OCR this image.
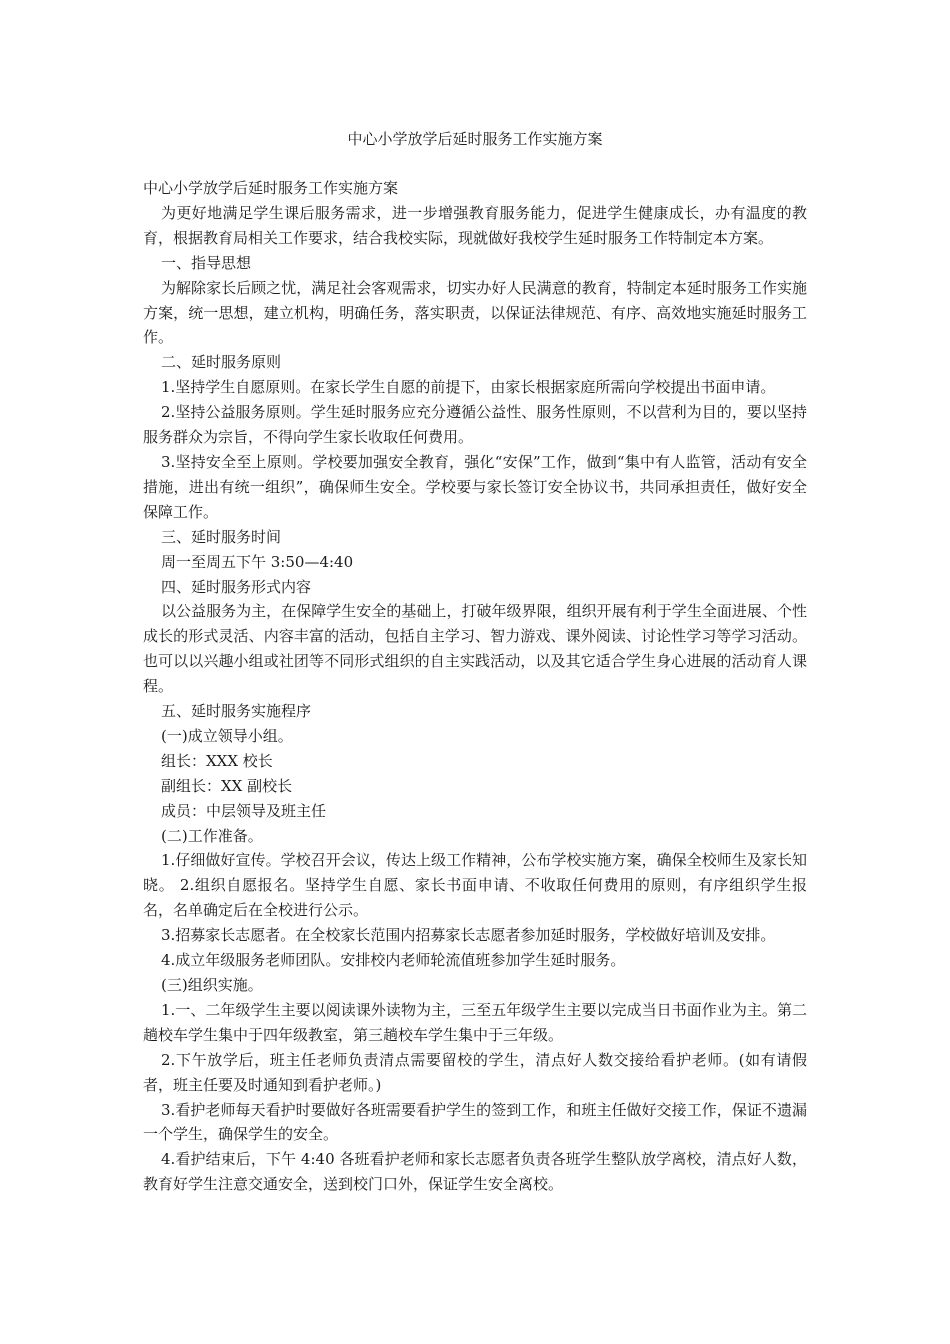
中心小学放学后延时服务工作实施方案

中心小学放学后延时服务工作实施方案

为更好地满足学生课后服务需求，进一步增强教育服务能力，促进学生健康成长，办有温度的教育，根据教育局相关工作要求，结合我校实际，现就做好我校学生延时服务工作特制定本方案。

一、指导思想

为解除家长后顾之忧，满足社会客观需求，切实办好人民满意的教育，特制定本延时服务工作实施方案，统一思想，建立机构，明确任务，落实职责，以保证法律规范、有序、高效地实施延时服务工作。

二、延时服务原则

1.坚持学生自愿原则。在家长学生自愿的前提下，由家长根据家庭所需向学校提出书面申请。

2.坚持公益服务原则。学生延时服务应充分遵循公益性、服务性原则，不以营利为目的，要以坚持服务群众为宗旨，不得向学生家长收取任何费用。

3.坚持安全至上原则。学校要加强安全教育，强化“安保”工作，做到“集中有人监管，活动有安全措施，进出有统一组织”，确保师生安全。学校要与家长签订安全协议书，共同承担责任，做好安全保障工作。

三、延时服务时间

周一至周五下午 3:50—4:40

四、延时服务形式内容

以公益服务为主，在保障学生安全的基础上，打破年级界限，组织开展有利于学生全面进展、个性成长的形式灵活、内容丰富的活动，包括自主学习、智力游戏、课外阅读、讨论性学习等学习活动。也可以以兴趣小组或社团等不同形式组织的自主实践活动，以及其它适合学生身心进展的活动育人课程。

五、延时服务实施程序

(一)成立领导小组。

组长：XXX 校长

副组长：XX 副校长

成员：中层领导及班主任

(二)工作准备。

1.仔细做好宣传。学校召开会议，传达上级工作精神，公布学校实施方案，确保全校师生及家长知晓。 2.组织自愿报名。坚持学生自愿、家长书面申请、不收取任何费用的原则，有序组织学生报名，名单确定后在全校进行公示。

3.招募家长志愿者。在全校家长范围内招募家长志愿者参加延时服务，学校做好培训及安排。

4.成立年级服务老师团队。安排校内老师轮流值班参加学生延时服务。

(三)组织实施。

1.一、二年级学生主要以阅读课外读物为主，三至五年级学生主要以完成当日书面作业为主。第二趟校车学生集中于四年级教室，第三趟校车学生集中于三年级。

2.下午放学后，班主任老师负责清点需要留校的学生，清点好人数交接给看护老师。(如有请假者，班主任要及时通知到看护老师。)

3.看护老师每天看护时要做好各班需要看护学生的签到工作，和班主任做好交接工作，保证不遗漏一个学生，确保学生的安全。

4.看护结束后，下午 4:40 各班看护老师和家长志愿者负责各班学生整队放学离校，清点好人数，教育好学生注意交通安全，送到校门口外，保证学生安全离校。
